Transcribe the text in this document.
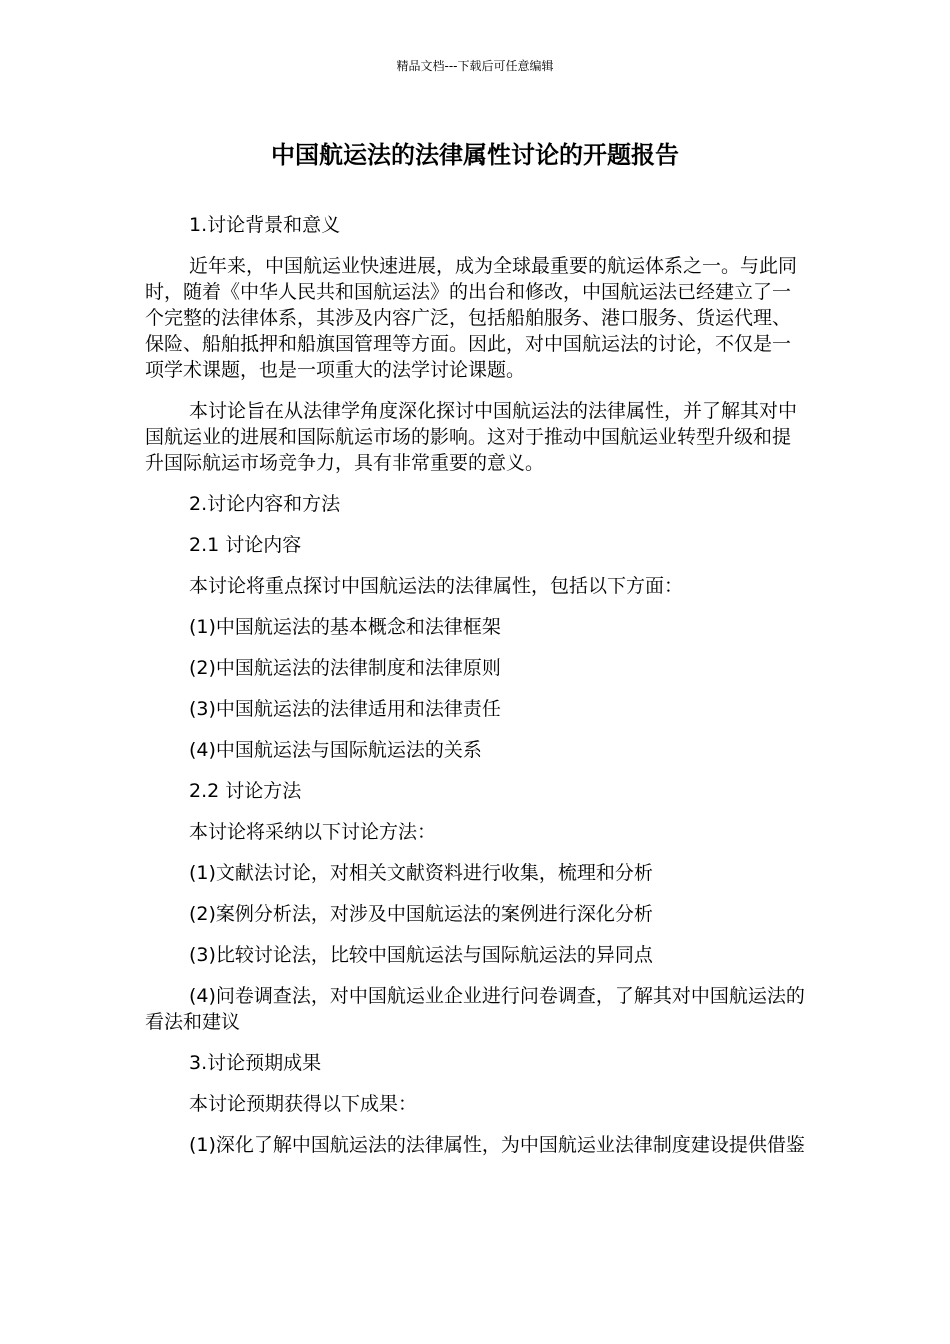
精品文档---下载后可任意编辑
中国航运法的法律属性讨论的开题报告

1.讨论背景和意义

近年来，中国航运业快速进展，成为全球最重要的航运体系之一。与此同时，随着《中华人民共和国航运法》的出台和修改，中国航运法已经建立了一个完整的法律体系，其涉及内容广泛，包括船舶服务、港口服务、货运代理、保险、船舶抵押和船旗国管理等方面。因此，对中国航运法的讨论，不仅是一项学术课题，也是一项重大的法学讨论课题。

本讨论旨在从法律学角度深化探讨中国航运法的法律属性，并了解其对中国航运业的进展和国际航运市场的影响。这对于推动中国航运业转型升级和提升国际航运市场竞争力，具有非常重要的意义。

2.讨论内容和方法

2.1 讨论内容

本讨论将重点探讨中国航运法的法律属性，包括以下方面：

(1)中国航运法的基本概念和法律框架

(2)中国航运法的法律制度和法律原则

(3)中国航运法的法律适用和法律责任

(4)中国航运法与国际航运法的关系

2.2 讨论方法

本讨论将采纳以下讨论方法：

(1)文献法讨论，对相关文献资料进行收集，梳理和分析

(2)案例分析法，对涉及中国航运法的案例进行深化分析

(3)比较讨论法，比较中国航运法与国际航运法的异同点

(4)问卷调查法，对中国航运业企业进行问卷调查，了解其对中国航运法的看法和建议

3.讨论预期成果

本讨论预期获得以下成果：

(1)深化了解中国航运法的法律属性，为中国航运业法律制度建设提供借鉴
